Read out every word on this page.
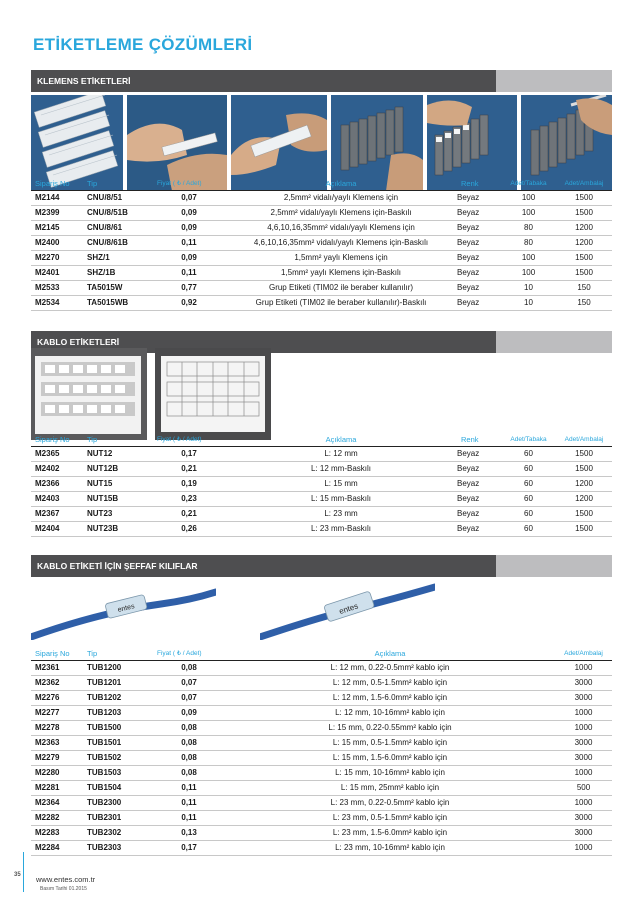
ETİKETLEME ÇÖZÜMLERİ
KLEMENS ETİKETLERİ
Sipariş No	Tip	Fiyat ( ₺ / Adet)	Açıklama	Renk	Adet/Tabaka	Adet/Ambalaj
M2144	CNU/8/51	0,07	2,5mm² vidalı/yaylı Klemens için	Beyaz	100	1500
M2399	CNU/8/51B	0,09	2,5mm² vidalı/yaylı Klemens için-Baskılı	Beyaz	100	1500
M2145	CNU/8/61	0,09	4,6,10,16,35mm² vidalı/yaylı Klemens için	Beyaz	80	1200
M2400	CNU/8/61B	0,11	4,6,10,16,35mm² vidalı/yaylı Klemens için-Baskılı	Beyaz	80	1200
M2270	SHZ/1	0,09	1,5mm² yaylı Klemens için	Beyaz	100	1500
M2401	SHZ/1B	0,11	1,5mm² yaylı Klemens için-Baskılı	Beyaz	100	1500
M2533	TA5015W	0,77	Grup Etiketi (TIM02 ile beraber kullanılır)	Beyaz	10	150
M2534	TA5015WB	0,92	Grup Etiketi (TIM02 ile beraber kullanılır)-Baskılı	Beyaz	10	150
KABLO ETİKETLERİ
Sipariş No	Tip	Fiyat ( ₺ / Adet)	Açıklama	Renk	Adet/Tabaka	Adet/Ambalaj
M2365	NUT12	0,17	L: 12 mm	Beyaz	60	1500
M2402	NUT12B	0,21	L: 12 mm-Baskılı	Beyaz	60	1500
M2366	NUT15	0,19	L: 15 mm	Beyaz	60	1200
M2403	NUT15B	0,23	L: 15 mm-Baskılı	Beyaz	60	1200
M2367	NUT23	0,21	L: 23 mm	Beyaz	60	1500
M2404	NUT23B	0,26	L: 23 mm-Baskılı	Beyaz	60	1500
KABLO ETİKETİ İÇİN ŞEFFAF KILIFLAR
entes	entes
Sipariş No	Tip	Fiyat ( ₺ / Adet)	Açıklama	Adet/Ambalaj
M2361	TUB1200	0,08	L: 12 mm, 0.22-0.5mm² kablo için	1000
M2362	TUB1201	0,07	L: 12 mm, 0.5-1.5mm² kablo için	3000
M2276	TUB1202	0,07	L: 12 mm, 1.5-6.0mm² kablo için	3000
M2277	TUB1203	0,09	L: 12 mm, 10-16mm² kablo için	1000
M2278	TUB1500	0,08	L: 15 mm, 0.22-0.55mm² kablo için	1000
M2363	TUB1501	0,08	L: 15 mm, 0.5-1.5mm² kablo için	3000
M2279	TUB1502	0,08	L: 15 mm, 1.5-6.0mm² kablo için	3000
M2280	TUB1503	0,08	L: 15 mm, 10-16mm² kablo için	1000
M2281	TUB1504	0,11	L: 15 mm, 25mm² kablo için	500
M2364	TUB2300	0,11	L: 23 mm, 0.22-0.5mm² kablo için	1000
M2282	TUB2301	0,11	L: 23 mm, 0.5-1.5mm² kablo için	3000
M2283	TUB2302	0,13	L: 23 mm, 1.5-6.0mm² kablo için	3000
M2284	TUB2303	0,17	L: 23 mm, 10-16mm² kablo için	1000
35	www.entes.com.tr
Basım Tarihi 01.2015
